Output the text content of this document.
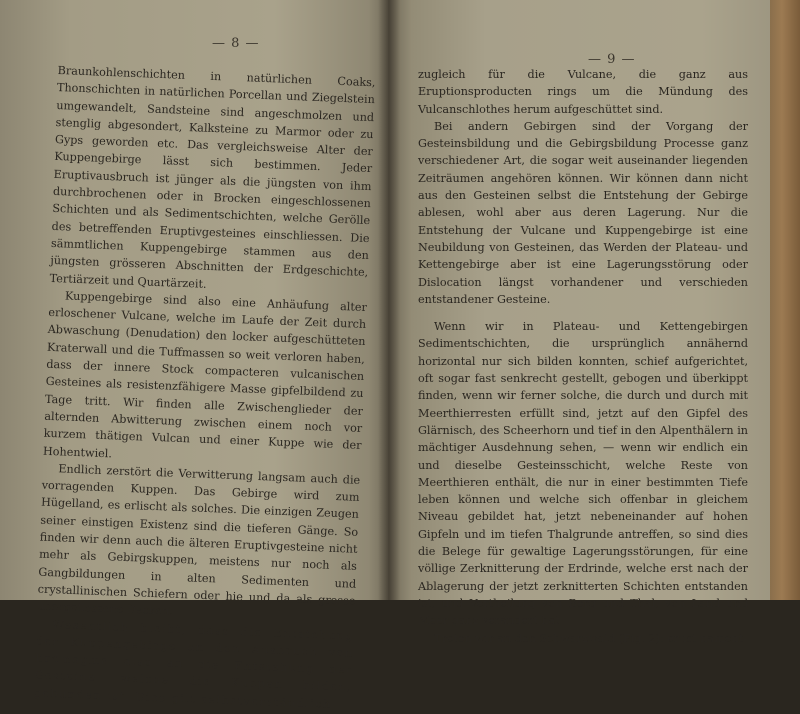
— 8 —

Braunkohlenschichten in natürlichen Coaks, Thonschichten in natürlichen Porcellan und Ziegelstein umgewandelt, Sandsteine sind angeschmolzen und stenglig abgesondert, Kalksteine zu Marmor oder zu Gyps geworden etc. Das vergleichsweise Alter der Kuppengebirge lässt sich bestimmen. Jeder Eruptivausbruch ist jünger als die jüngsten von ihm durchbrochenen oder in Brocken eingeschlossenen Schichten und als Sedimentschichten, welche Gerölle des betreffenden Eruptivgesteines einschliessen. Die sämmtlichen Kuppengebirge stammen aus den jüngsten grösseren Abschnitten der Erdgeschichte, Tertiärzeit und Quartärzeit.

Kuppengebirge sind also eine Anhäufung alter erloschener Vulcane, welche im Laufe der Zeit durch Abwaschung (Denudation) den locker aufgeschütteten Kraterwall und die Tuffmassen so weit verloren haben, dass der innere Stock compacteren vulcanischen Gesteines als resistenzfähigere Masse gipfelbildend zu Tage tritt. Wir finden alle Zwischenglieder der alternden Abwitterung zwischen einem noch vor kurzem thätigen Vulcan und einer Kuppe wie der Hohentwiel.

Endlich zerstört die Verwitterung langsam auch die vorragenden Kuppen. Das Gebirge wird zum Hügelland, es erlischt als solches. Die einzigen Zeugen seiner einstigen Existenz sind die tieferen Gänge. So finden wir denn auch die älteren Eruptivgesteine nicht mehr als Gebirgskuppen, meistens nur noch als Gangbildungen in alten Sedimenten und crystallinischen Schiefern oder hie und da als grosse übergeflossene Decken.

Wesentlich bleibt, dass die Entstehung der Kuppengebirge an den Ausbruch von Erdmagma also an die Entstehung der Gesteine, welche die Kuppen bilden, gebunden ist. Dies gilt selbstverständlich

— 9 —

zugleich für die Vulcane, die ganz aus Eruptionsproducten rings um die Mündung des Vulcanschlothes herum aufgeschüttet sind.

Bei andern Gebirgen sind der Vorgang der Gesteinsbildung und die Gebirgsbildung Processe ganz verschiedener Art, die sogar weit auseinander liegenden Zeiträumen angehören können. Wir können dann nicht aus den Gesteinen selbst die Entstehung der Gebirge ablesen, wohl aber aus deren Lagerung. Nur die Entstehung der Vulcane und Kuppengebirge ist eine Neubildung von Gesteinen, das Werden der Plateau- und Kettengebirge aber ist eine Lagerungsstörung oder Dislocation längst vorhandener und verschieden entstandener Gesteine.

Wenn wir in Plateau- und Kettengebirgen Sedimentschichten, die ursprünglich annähernd horizontal nur sich bilden konnten, schief aufgerichtet, oft sogar fast senkrecht gestellt, gebogen und überkippt finden, wenn wir ferner solche, die durch und durch mit Meerthierresten erfüllt sind, jetzt auf den Gipfel des Glärnisch, des Scheerhorn und tief in den Alpenthälern in mächtiger Ausdehnung sehen, — wenn wir endlich ein und dieselbe Gesteinsschicht, welche Reste von Meerthieren enthält, die nur in einer bestimmten Tiefe leben können und welche sich offenbar in gleichem Niveau gebildet hat, jetzt nebeneinander auf hohen Gipfeln und im tiefen Thalgrunde antreffen, so sind dies die Belege für gewaltige Lagerungsstörungen, für eine völlige Zerknitterung der Erdrinde, welche erst nach der Ablagerung der jetzt zerknitterten Schichten entstanden ist, und Vertheilung von Berg und Thal, von Land und Meer ganz verändert hat.

Treten wir an den Schwarzwald (Fig. 2): er ist nament-
